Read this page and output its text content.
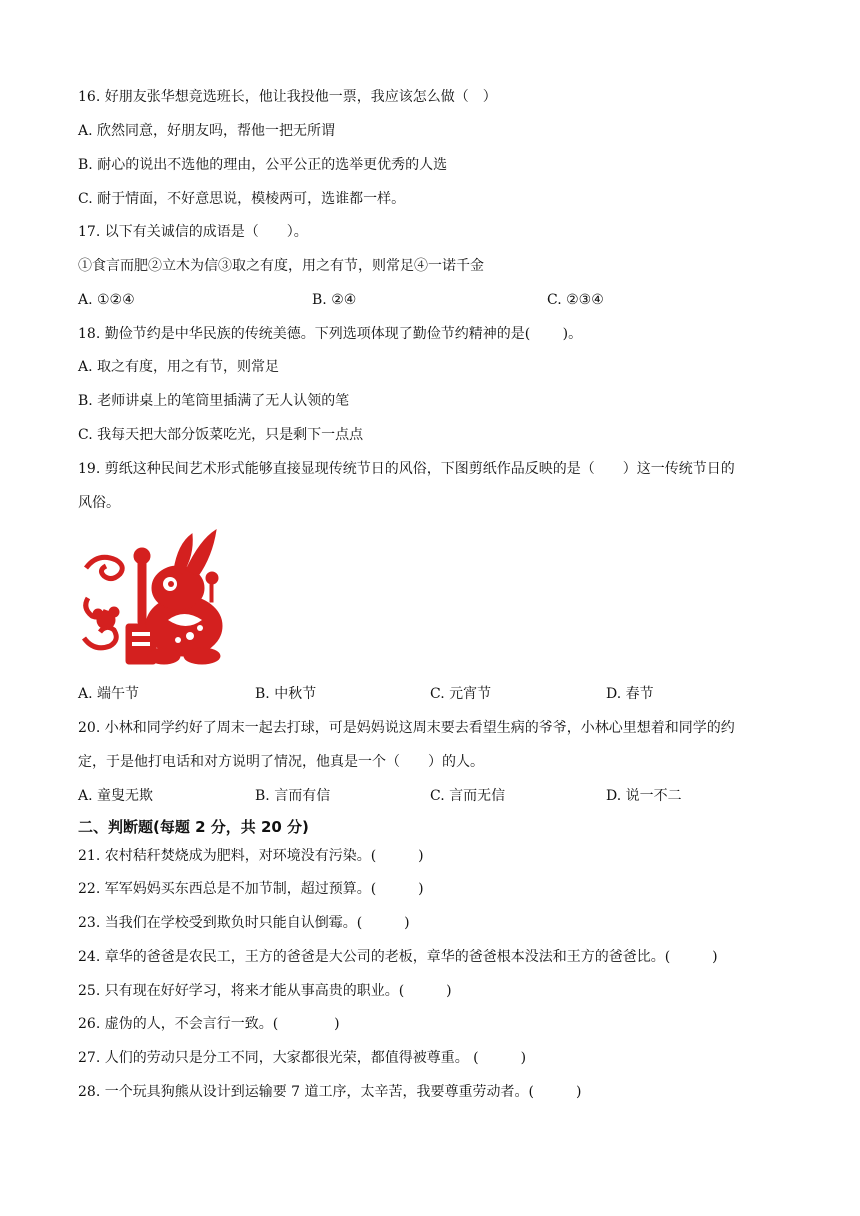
16. 好朋友张华想竞选班长，他让我投他一票，我应该怎么做（　）
A. 欣然同意，好朋友吗，帮他一把无所谓
B. 耐心的说出不选他的理由，公平公正的选举更优秀的人选
C. 耐于情面，不好意思说，模棱两可，选谁都一样。
17. 以下有关诚信的成语是（　　）。
①食言而肥②立木为信③取之有度，用之有节，则常足④一诺千金
A. ①②④	B. ②④	C. ②③④
18. 勤俭节约是中华民族的传统美德。下列选项体现了勤俭节约精神的是(　　 )。
A. 取之有度，用之有节，则常足
B. 老师讲桌上的笔筒里插满了无人认领的笔
C. 我每天把大部分饭菜吃光，只是剩下一点点
19. 剪纸这种民间艺术形式能够直接显现传统节日的风俗，下图剪纸作品反映的是（　　）这一传统节日的
风俗。
A. 端午节	B. 中秋节	C. 元宵节	D. 春节
20. 小林和同学约好了周末一起去打球，可是妈妈说这周末要去看望生病的爷爷，小林心里想着和同学的约
定，于是他打电话和对方说明了情况，他真是一个（　　）的人。
A. 童叟无欺	B. 言而有信	C. 言而无信	D. 说一不二
二、判断题(每题 2 分，共 20 分)
21. 农村秸秆焚烧成为肥料，对环境没有污染。(　　　)
22. 军军妈妈买东西总是不加节制，超过预算。(　　　)
23. 当我们在学校受到欺负时只能自认倒霉。(　　　)
24. 章华的爸爸是农民工，王方的爸爸是大公司的老板，章华的爸爸根本没法和王方的爸爸比。(　　　)
25. 只有现在好好学习，将来才能从事高贵的职业。(　　　)
26. 虚伪的人，不会言行一致。(　　　　)
27. 人们的劳动只是分工不同，大家都很光荣，都值得被尊重。 (　　　)
28. 一个玩具狗熊从设计到运输要 7 道工序，太辛苦，我要尊重劳动者。(　　　)
